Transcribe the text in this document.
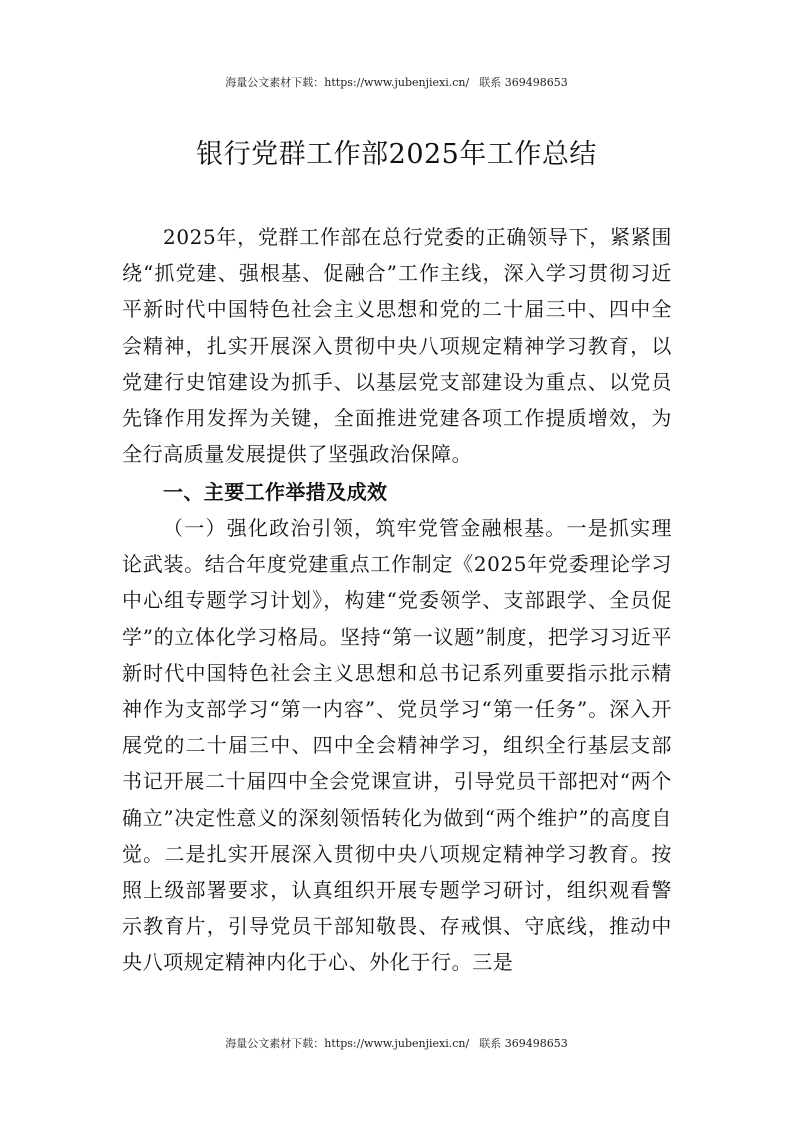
海量公文素材下载：https://www.jubenjiexi.cn/ 联系 369498653
银行党群工作部2025年工作总结

2025年，党群工作部在总行党委的正确领导下，紧紧围绕“抓党建、强根基、促融合”工作主线，深入学习贯彻习近平新时代中国特色社会主义思想和党的二十届三中、四中全会精神，扎实开展深入贯彻中央八项规定精神学习教育，以党建行史馆建设为抓手、以基层党支部建设为重点、以党员先锋作用发挥为关键，全面推进党建各项工作提质增效，为全行高质量发展提供了坚强政治保障。

一、主要工作举措及成效

（一）强化政治引领，筑牢党管金融根基。一是抓实理论武装。结合年度党建重点工作制定《2025年党委理论学习中心组专题学习计划》，构建“党委领学、支部跟学、全员促学”的立体化学习格局。坚持“第一议题”制度，把学习习近平新时代中国特色社会主义思想和总书记系列重要指示批示精神作为支部学习“第一内容”、党员学习“第一任务”。深入开展党的二十届三中、四中全会精神学习，组织全行基层支部书记开展二十届四中全会党课宣讲，引导党员干部把对“两个确立”决定性意义的深刻领悟转化为做到“两个维护”的高度自觉。二是扎实开展深入贯彻中央八项规定精神学习教育。按照上级部署要求，认真组织开展专题学习研讨，组织观看警示教育片，引导党员干部知敬畏、存戒惧、守底线，推动中央八项规定精神内化于心、外化于行。三是

海量公文素材下载：https://www.jubenjiexi.cn/ 联系 369498653
